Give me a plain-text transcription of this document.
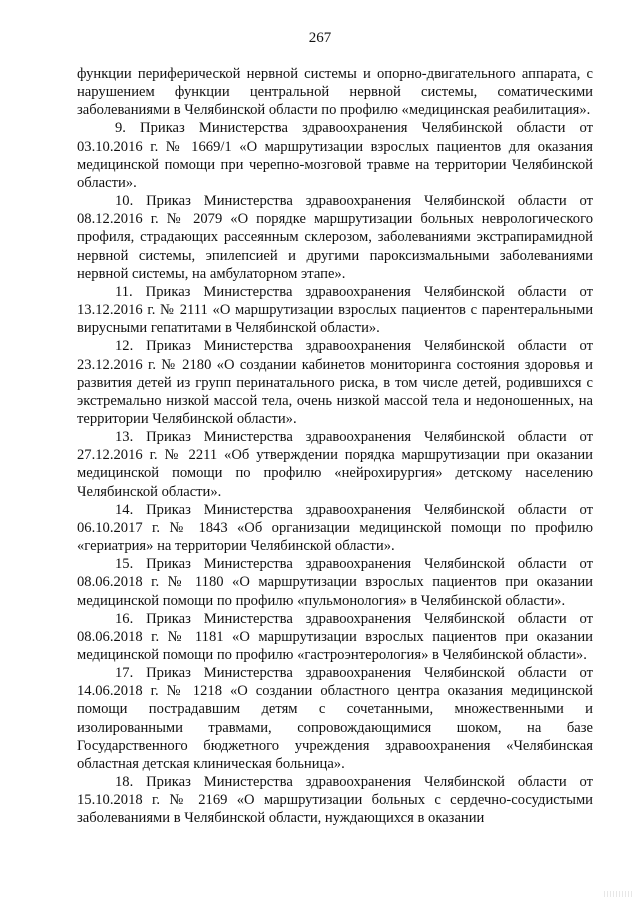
267

функции периферической нервной системы и опорно-двигательного аппарата, с нарушением функции центральной нервной системы, соматическими заболеваниями в Челябинской области по профилю «медицинская реабилитация».

9. Приказ Министерства здравоохранения Челябинской области от 03.10.2016 г. № 1669/1 «О маршрутизации взрослых пациентов для оказания медицинской помощи при черепно-мозговой травме на территории Челябинской области».

10. Приказ Министерства здравоохранения Челябинской области от 08.12.2016 г. № 2079 «О порядке маршрутизации больных неврологического профиля, страдающих рассеянным склерозом, заболеваниями экстрапирамидной нервной системы, эпилепсией и другими пароксизмальными заболеваниями нервной системы, на амбулаторном этапе».

11. Приказ Министерства здравоохранения Челябинской области от 13.12.2016 г. № 2111 «О маршрутизации взрослых пациентов с парентеральными вирусными гепатитами в Челябинской области».

12. Приказ Министерства здравоохранения Челябинской области от 23.12.2016 г. № 2180 «О создании кабинетов мониторинга состояния здоровья и развития детей из групп перинатального риска, в том числе детей, родившихся с экстремально низкой массой тела, очень низкой массой тела и недоношенных, на территории Челябинской области».

13. Приказ Министерства здравоохранения Челябинской области от 27.12.2016 г. № 2211 «Об утверждении порядка маршрутизации при оказании медицинской помощи по профилю «нейрохирургия» детскому населению Челябинской области».

14. Приказ Министерства здравоохранения Челябинской области от 06.10.2017 г. № 1843 «Об организации медицинской помощи по профилю «гериатрия» на территории Челябинской области».

15. Приказ Министерства здравоохранения Челябинской области от 08.06.2018 г. № 1180 «О маршрутизации взрослых пациентов при оказании медицинской помощи по профилю «пульмонология» в Челябинской области».

16. Приказ Министерства здравоохранения Челябинской области от 08.06.2018 г. № 1181 «О маршрутизации взрослых пациентов при оказании медицинской помощи по профилю «гастроэнтерология» в Челябинской области».

17. Приказ Министерства здравоохранения Челябинской области от 14.06.2018 г. № 1218 «О создании областного центра оказания медицинской помощи пострадавшим детям с сочетанными, множественными и изолированными травмами, сопровождающимися шоком, на базе Государственного бюджетного учреждения здравоохранения «Челябинская областная детская клиническая больница».

18. Приказ Министерства здравоохранения Челябинской области от 15.10.2018 г. № 2169 «О маршрутизации больных с сердечно-сосудистыми заболеваниями в Челябинской области, нуждающихся в оказании
